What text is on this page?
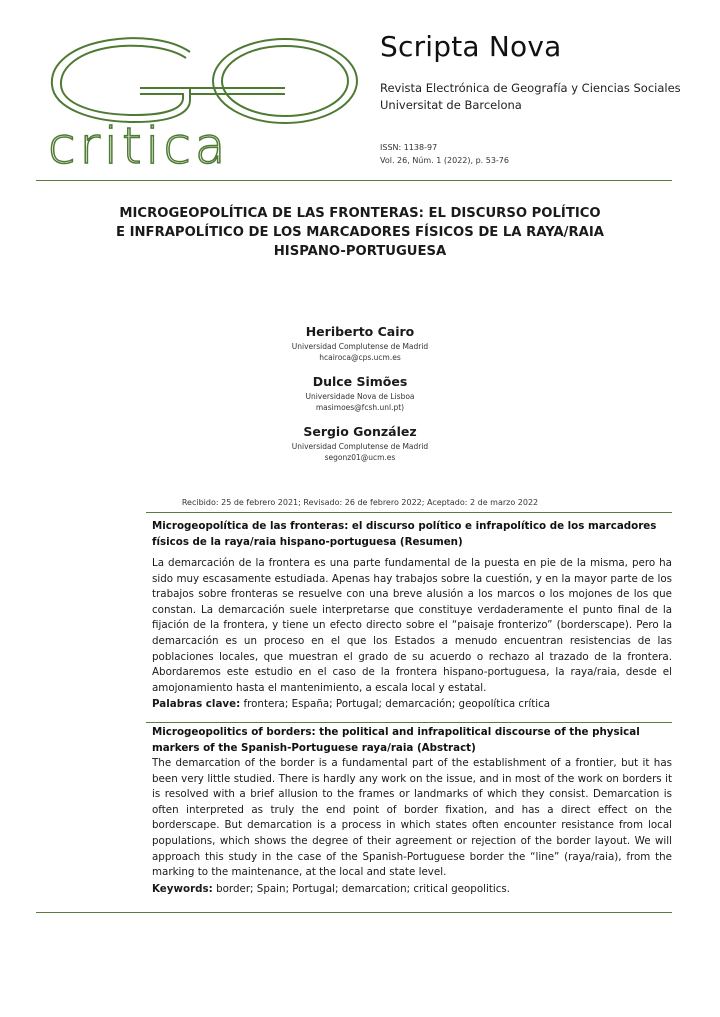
critica
Scripta Nova
Revista Electrónica de Geografía y Ciencias Sociales
Universitat de Barcelona
ISSN: 1138-97
Vol. 26, Núm. 1 (2022), p. 53-76
MICROGEOPOLÍTICA DE LAS FRONTERAS: EL DISCURSO POLÍTICO
E INFRAPOLÍTICO DE LOS MARCADORES FÍSICOS DE LA RAYA/RAIA
HISPANO-PORTUGUESA
Heriberto Cairo
Universidad Complutense de Madrid
hcairoca@cps.ucm.es
Dulce Simões
Universidade Nova de Lisboa
masimoes@fcsh.unl.pt)
Sergio González
Universidad Complutense de Madrid
segonz01@ucm.es
Recibido: 25 de febrero 2021; Revisado: 26 de febrero 2022; Aceptado: 2 de marzo 2022
Microgeopolítica de las fronteras: el discurso político e infrapolítico de los marcadores físicos de la raya/raia hispano-portuguesa (Resumen)
La demarcación de la frontera es una parte fundamental de la puesta en pie de la misma, pero ha sido muy escasamente estudiada. Apenas hay trabajos sobre la cuestión, y en la mayor parte de los trabajos sobre fronteras se resuelve con una breve alusión a los marcos o los mojones de los que constan. La demarcación suele interpretarse que constituye verdaderamente el punto final de la fijación de la frontera, y tiene un efecto directo sobre el “paisaje fronterizo” (borderscape). Pero la demarcación es un proceso en el que los Estados a menudo encuentran resistencias de las poblaciones locales, que muestran el grado de su acuerdo o rechazo al trazado de la frontera. Abordaremos este estudio en el caso de la frontera hispano-portuguesa, la raya/raia, desde el amojonamiento hasta el mantenimiento, a escala local y estatal.
Palabras clave: frontera; España; Portugal; demarcación; geopolítica crítica
Microgeopolitics of borders: the political and infrapolitical discourse of the physical markers of the Spanish-Portuguese raya/raia (Abstract)
The demarcation of the border is a fundamental part of the establishment of a frontier, but it has been very little studied. There is hardly any work on the issue, and in most of the work on borders it is resolved with a brief allusion to the frames or landmarks of which they consist. Demarcation is often interpreted as truly the end point of border fixation, and has a direct effect on the borderscape. But demarcation is a process in which states often encounter resistance from local populations, which shows the degree of their agreement or rejection of the border layout. We will approach this study in the case of the Spanish-Portuguese border the “line” (raya/raia), from the marking to the maintenance, at the local and state level.
Keywords: border; Spain; Portugal; demarcation; critical geopolitics.
